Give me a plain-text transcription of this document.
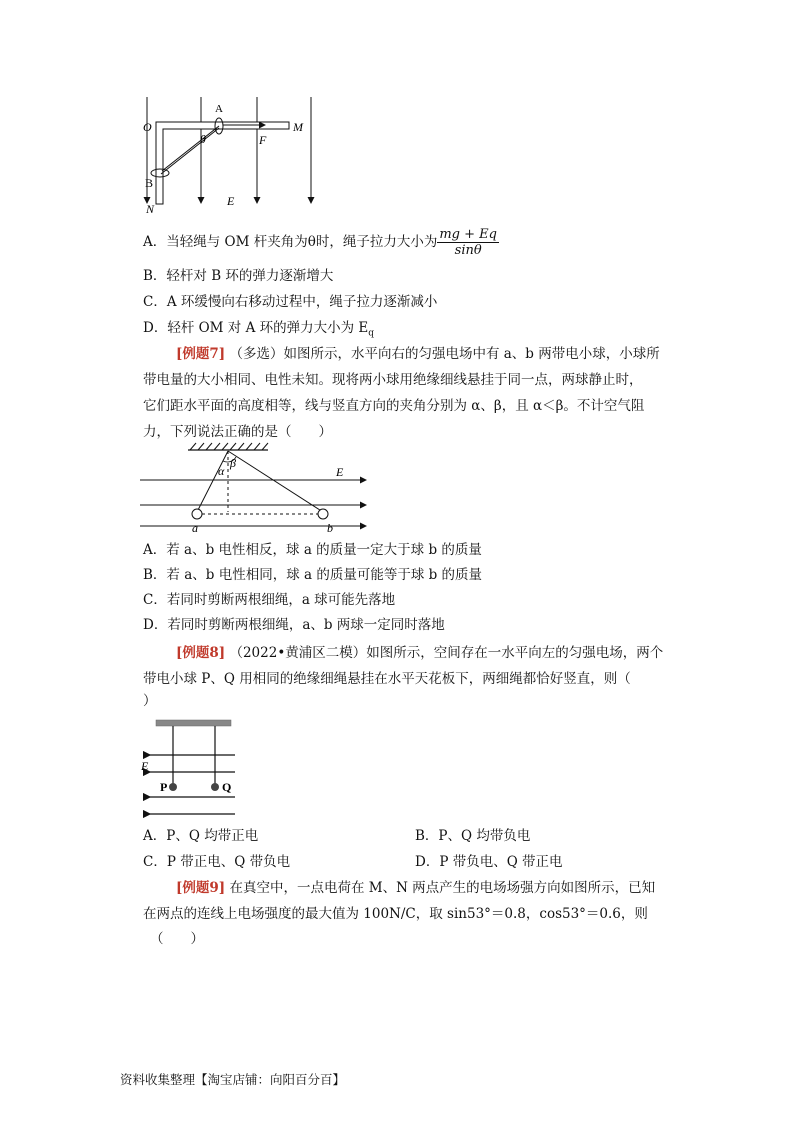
O	M
A
θ	F
B
N
E
A．当轻绳与 OM 杆夹角为θ时，绳子拉力大小为 $\frac{mg + Eq}{\sin\theta}$
B．轻杆对 B 环的弹力逐渐增大
C．A 环缓慢向右移动过程中，绳子拉力逐渐减小
D．轻杆 OM 对 A 环的弹力大小为 $E_q$
[例题7] （多选）如图所示，水平向右的匀强电场中有 a、b 两带电小球，小球所
带电量的大小相同、电性未知。现将两小球用绝缘细线悬挂于同一点，两球静止时，
它们距水平面的高度相等，线与竖直方向的夹角分别为 α、β，且 α＜β。不计空气阻
力，下列说法正确的是（　　）
α
β
E
a	b
A．若 a、b 电性相反，球 a 的质量一定大于球 b 的质量
B．若 a、b 电性相同，球 a 的质量可能等于球 b 的质量
C．若同时剪断两根细绳，a 球可能先落地
D．若同时剪断两根细绳，a、b 两球一定同时落地
[例题8] （2022•黄浦区二模）如图所示，空间存在一水平向左的匀强电场，两个
带电小球 P、Q 用相同的绝缘细绳悬挂在水平天花板下，两细绳都恰好竖直，则（
）
E
P	Q
A．P、Q 均带正电	B．P、Q 均带负电
C．P 带正电、Q 带负电	D．P 带负电、Q 带正电
[例题9] 在真空中，一点电荷在 M、N 两点产生的电场场强方向如图所示，已知
在两点的连线上电场强度的最大值为 100N/C，取 sin53°＝0.8，cos53°＝0.6，则
（　　）
资料收集整理【淘宝店铺：向阳百分百】
